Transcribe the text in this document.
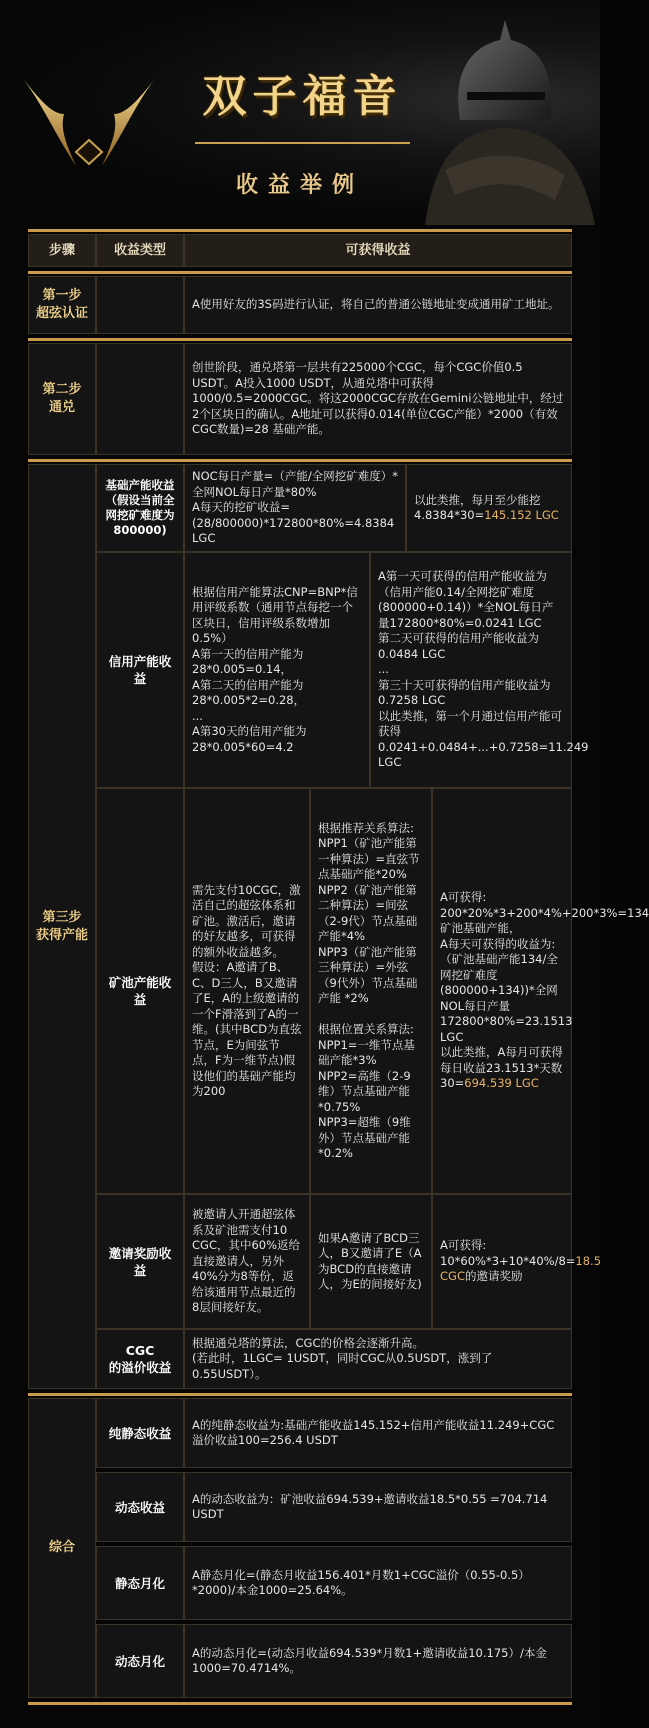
双子福音
收益举例
步骤	收益类型	可获得收益

第一步

超弦认证

A使用好友的3S码进行认证，将自己的普通公链地址变成通用矿工地址。

第二步

通兑

创世阶段，通兑塔第一层共有225000个CGC，每个CGC价值0.5 USDT。A投入1000 USDT，从通兑塔中可获得 1000/0.5=2000CGC。将这2000CGC存放在Gemini公链地址中，经过2个区块日的确认。A地址可以获得0.014(单位CGC产能）*2000（有效CGC数量)=28 基础产能。

第三步

获得产能

基础产能收益（假设当前全网挖矿难度为800000)
NOC每日产量=（产能/全网挖矿难度）*全网NOL每日产量*80%
A每天的挖矿收益=(28/800000)*172800*80%=4.8384 LGC

以此类推，每月至少能挖4.8384*30=145.152 LGC

信用产能收益
根据信用产能算法CNP=BNP*信用评级系数（通用节点每挖一个区块日，信用评级系数增加0.5%）
A第一天的信用产能为
28*0.005=0.14，
A第二天的信用产能为
28*0.005*2=0.28，
...
A第30天的信用产能为
28*0.005*60=4.2
A第一天可获得的信用产能收益为（信用产能0.14/全网挖矿难度(800000+0.14)）*全NOL每日产量172800*80%=0.0241 LGC
第二天可获得的信用产能收益为0.0484 LGC
...
第三十天可获得的信用产能收益为0.7258 LGC
以此类推，第一个月通过信用产能可获得
0.0241+0.0484+...+0.7258=11.249 LGC
矿池产能收益
需先支付10CGC，激活自己的超弦体系和矿池。激活后，邀请的好友越多，可获得的额外收益越多。
假设：A邀请了B、C、D三人，B又邀请了E，A的上级邀请的一个F滑落到了A的一维。(其中BCD为直弦节点，E为间弦节点，F为一维节点)假设他们的基础产能均为200
根据推荐关系算法:
NPP1（矿池产能第一种算法）=直弦节点基础产能*20%
NPP2（矿池产能第二种算法）=间弦（2-9代）节点基础产能*4%
NPP3（矿池产能第三种算法）=外弦（9代外）节点基础产能 *2%

根据位置关系算法:
NPP1=一维节点基础产能*3%
NPP2=高维（2-9维）节点基础产能*0.75%
NPP3=超维（9维外）节点基础产能*0.2%

A可获得:
200*20%*3+200*4%+200*3%=134矿池基础产能，
A每天可获得的收益为:（矿池基础产能134/全网挖矿难度(800000+134))*全网NOL每日产量172800*80%=23.1513 LGC
以此类推，A每月可获得每日收益23.1513*天数30=694.539 LGC

邀请奖励收益
被邀请人开通超弦体系及矿池需支付10 CGC，其中60%返给直接邀请人，另外40%分为8等份，返给该通用节点最近的8层间接好友。
如果A邀请了BCD三人，B又邀请了E（A为BCD的直接邀请人，为E的间接好友)

A可获得:
10*60%*3+10*40%/8=18.5 CGC的邀请奖励

CGC
的溢价收益
根据通兑塔的算法，CGC的价格会逐渐升高。
(若此时，1LGC= 1USDT，同时CGC从0.5USDT，涨到了0.55USDT）。
综合
纯静态收益
A的纯静态收益为:基础产能收益145.152+信用产能收益11.249+CGC溢价收益100=256.4 USDT
动态收益
A的动态收益为：矿池收益694.539+邀请收益18.5*0.55 =704.714 USDT
静态月化
A静态月化=(静态月收益156.401*月数1+CGC溢价（0.55-0.5）*2000)/本金1000=25.64%。
动态月化
A的动态月化=(动态月收益694.539*月数1+邀请收益10.175）/本金1000=70.4714%。
